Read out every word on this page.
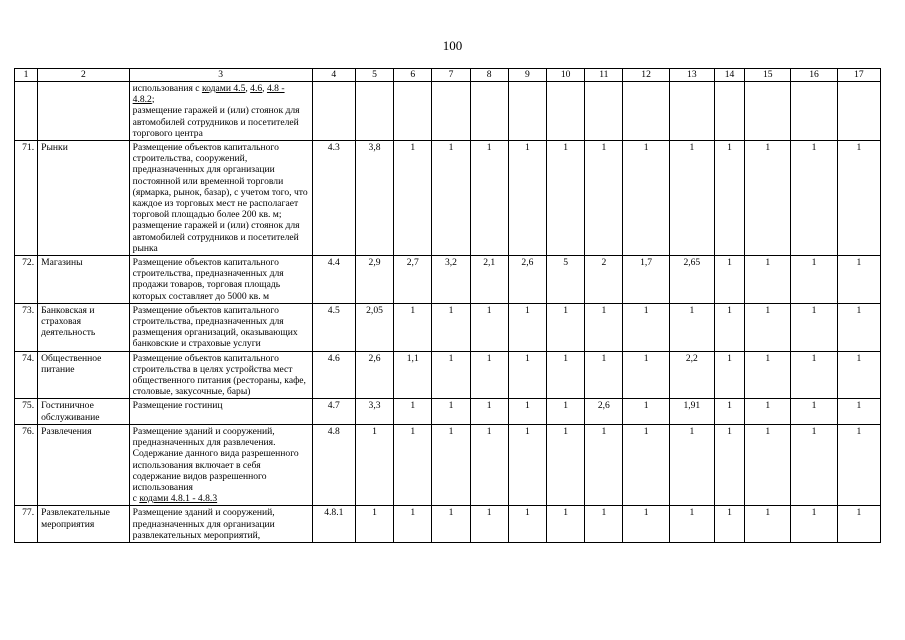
100
1	2	3	4	5	6	7	8	9	10	11	12	13	14	15	16	17
		использования с кодами 4.5, 4.6, 4.8 - 4.8.2;
размещение гаражей и (или) стоянок для автомобилей сотрудников и посетителей торгового центра														
71.	Рынки	Размещение объектов капитального строительства, сооружений, предназначенных для организации постоянной или временной торговли (ярмарка, рынок, базар), с учетом того, что каждое из торговых мест не располагает торговой площадью более 200 кв. м;
размещение гаражей и (или) стоянок для автомобилей сотрудников и посетителей рынка	4.3	3,8	1	1	1	1	1	1	1	1	1	1	1	1
72.	Магазины	Размещение объектов капитального строительства, предназначенных для продажи товаров, торговая площадь которых составляет до 5000 кв. м	4.4	2,9	2,7	3,2	2,1	2,6	5	2	1,7	2,65	1	1	1	1
73.	Банковская и страховая деятельность	Размещение объектов капитального строительства, предназначенных для размещения организаций, оказывающих банковские и страховые услуги	4.5	2,05	1	1	1	1	1	1	1	1	1	1	1	1
74.	Общественное питание	Размещение объектов капитального строительства в целях устройства мест общественного питания (рестораны, кафе, столовые, закусочные, бары)	4.6	2,6	1,1	1	1	1	1	1	1	2,2	1	1	1	1
75.	Гостиничное обслуживание	Размещение гостиниц	4.7	3,3	1	1	1	1	1	2,6	1	1,91	1	1	1	1
76.	Развлечения	Размещение зданий и сооружений, предназначенных для развлечения. Содержание данного вида разрешенного использования включает в себя содержание видов разрешенного использования
с кодами 4.8.1 - 4.8.3	4.8	1	1	1	1	1	1	1	1	1	1	1	1	1
77.	Развлекательные мероприятия	Размещение зданий и сооружений, предназначенных для организации развлекательных мероприятий,	4.8.1	1	1	1	1	1	1	1	1	1	1	1	1	1
